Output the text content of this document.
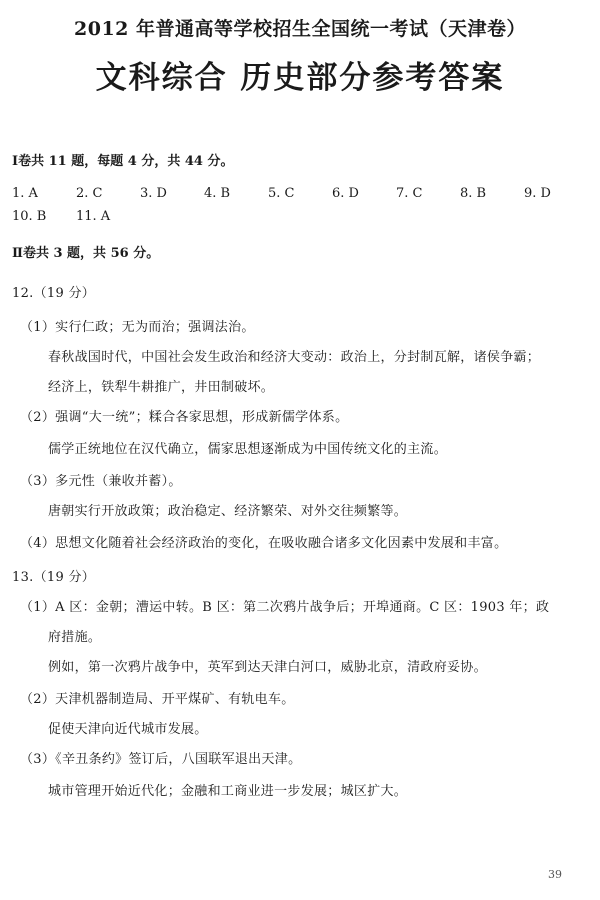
2012 年普通高等学校招生全国统一考试（天津卷）
文科综合 历史部分参考答案
Ⅰ卷共 11 题，每题 4 分，共 44 分。
1. A	2. C	3. D	4. B	5. C	6. D	7. C	8. B	9. D
10. B	11. A
Ⅱ卷共 3 题，共 56 分。
12.（19 分）
（1）实行仁政；无为而治；强调法治。
春秋战国时代，中国社会发生政治和经济大变动：政治上，分封制瓦解，诸侯争霸；
经济上，铁犁牛耕推广，井田制破坏。
（2）强调“大一统”；糅合各家思想，形成新儒学体系。
儒学正统地位在汉代确立，儒家思想逐渐成为中国传统文化的主流。
（3）多元性（兼收并蓄）。
唐朝实行开放政策；政治稳定、经济繁荣、对外交往频繁等。
（4）思想文化随着社会经济政治的变化，在吸收融合诸多文化因素中发展和丰富。
13.（19 分）
（1）A 区：金朝；漕运中转。B 区：第二次鸦片战争后；开埠通商。C 区：1903 年；政
府措施。
例如，第一次鸦片战争中，英军到达天津白河口，威胁北京，清政府妥协。
（2）天津机器制造局、开平煤矿、有轨电车。
促使天津向近代城市发展。
（3）《辛丑条约》签订后，八国联军退出天津。
城市管理开始近代化；金融和工商业进一步发展；城区扩大。
39
